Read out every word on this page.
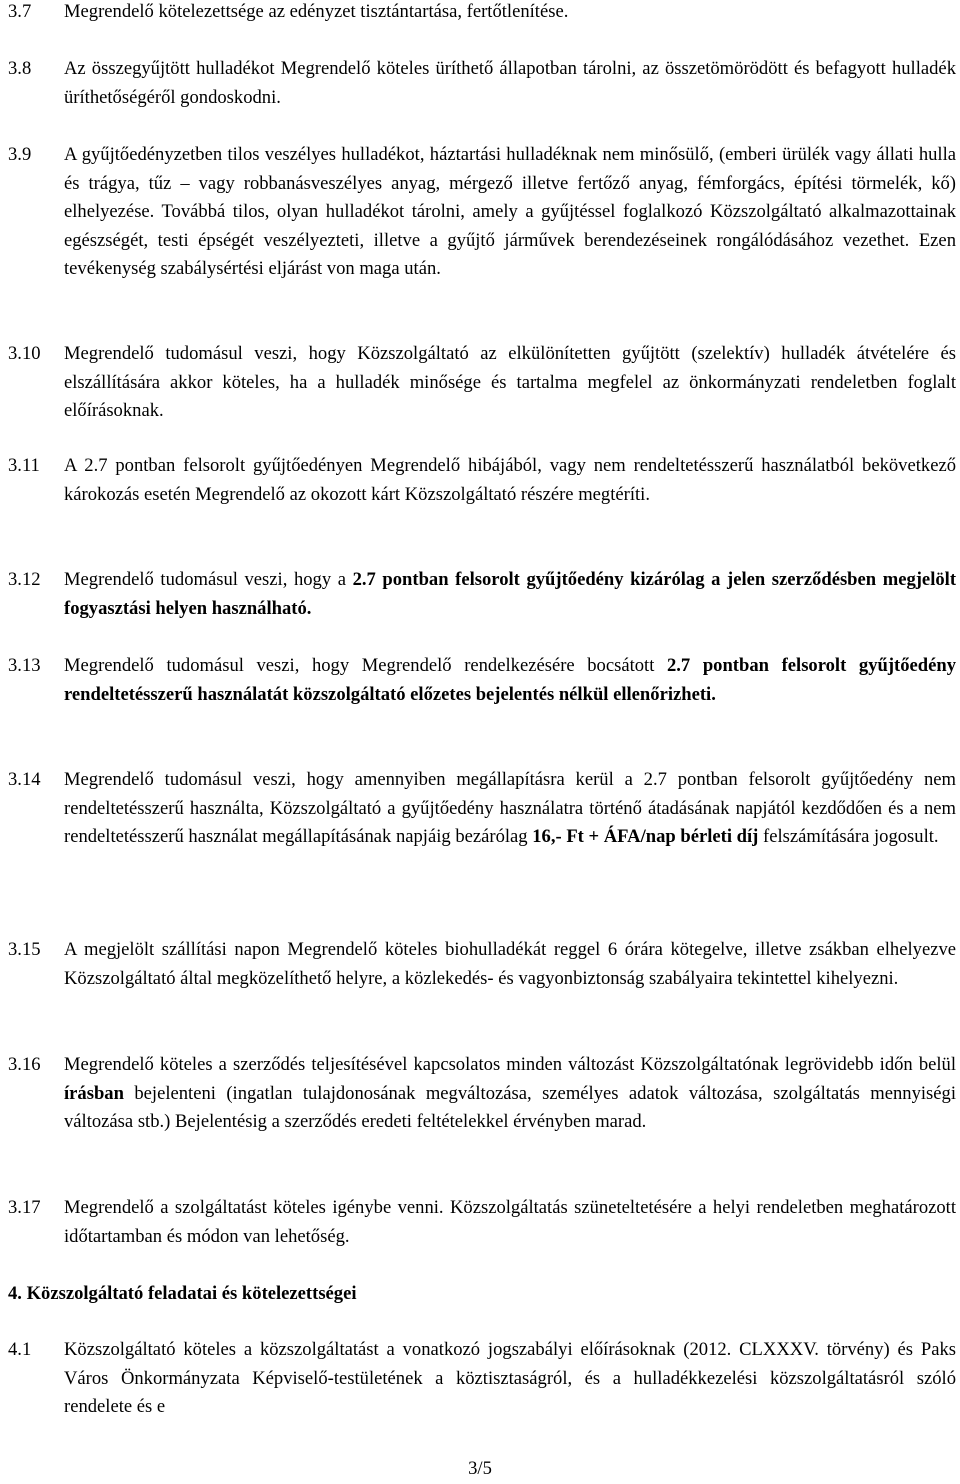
3.7	Megrendelő kötelezettsége az edényzet tisztántartása, fertőtlenítése.
3.8	Az összegyűjtött hulladékot Megrendelő köteles üríthető állapotban tárolni, az összetömörödött és befagyott hulladék üríthetőségéről gondoskodni.
3.9	A gyűjtőedényzetben tilos veszélyes hulladékot, háztartási hulladéknak nem minősülő, (emberi ürülék vagy állati hulla és trágya, tűz – vagy robbanásveszélyes anyag, mérgező illetve fertőző anyag, fémforgács, építési törmelék, kő) elhelyezése. Továbbá tilos, olyan hulladékot tárolni, amely a gyűjtéssel foglalkozó Közszolgáltató alkalmazottainak egészségét, testi épségét veszélyezteti, illetve a gyűjtő járművek berendezéseinek rongálódásához vezethet. Ezen tevékenység szabálysértési eljárást von maga után.
3.10	Megrendelő tudomásul veszi, hogy Közszolgáltató az elkülönítetten gyűjtött (szelektív) hulladék átvételére és elszállítására akkor köteles, ha a hulladék minősége és tartalma megfelel az önkormányzati rendeletben foglalt előírásoknak.
3.11	A 2.7 pontban felsorolt gyűjtőedényen Megrendelő hibájából, vagy nem rendeltetésszerű használatból bekövetkező károkozás esetén Megrendelő az okozott kárt Közszolgáltató részére megtéríti.
3.12	Megrendelő tudomásul veszi, hogy a 2.7 pontban felsorolt gyűjtőedény kizárólag a jelen szerződésben megjelölt fogyasztási helyen használható.
3.13	Megrendelő tudomásul veszi, hogy Megrendelő rendelkezésére bocsátott 2.7 pontban felsorolt gyűjtőedény rendeltetésszerű használatát közszolgáltató előzetes bejelentés nélkül ellenőrizheti.
3.14	Megrendelő tudomásul veszi, hogy amennyiben megállapításra kerül a 2.7 pontban felsorolt gyűjtőedény nem rendeltetésszerű használta, Közszolgáltató a gyűjtőedény használatra történő átadásának napjától kezdődően és a nem rendeltetésszerű használat megállapításának napjáig bezárólag 16,- Ft + ÁFA/nap bérleti díj felszámítására jogosult.
3.15	A megjelölt szállítási napon Megrendelő köteles biohulladékát reggel 6 órára kötegelve, illetve zsákban elhelyezve Közszolgáltató által megközelíthető helyre, a közlekedés- és vagyonbiztonság szabályaira tekintettel kihelyezni.
3.16	Megrendelő köteles a szerződés teljesítésével kapcsolatos minden változást Közszolgáltatónak legrövidebb időn belül írásban bejelenteni (ingatlan tulajdonosának megváltozása, személyes adatok változása, szolgáltatás mennyiségi változása stb.) Bejelentésig a szerződés eredeti feltételekkel érvényben marad.
3.17	Megrendelő a szolgáltatást köteles igénybe venni. Közszolgáltatás szüneteltetésére a helyi rendeletben meghatározott időtartamban és módon van lehetőség.
4. Közszolgáltató feladatai és kötelezettségei
4.1	Közszolgáltató köteles a közszolgáltatást a vonatkozó jogszabályi előírásoknak (2012. CLXXXV. törvény) és Paks Város Önkormányzata Képviselő-testületének a köztisztaságról, és a hulladékkezelési közszolgáltatásról szóló rendelete és e
3/5
